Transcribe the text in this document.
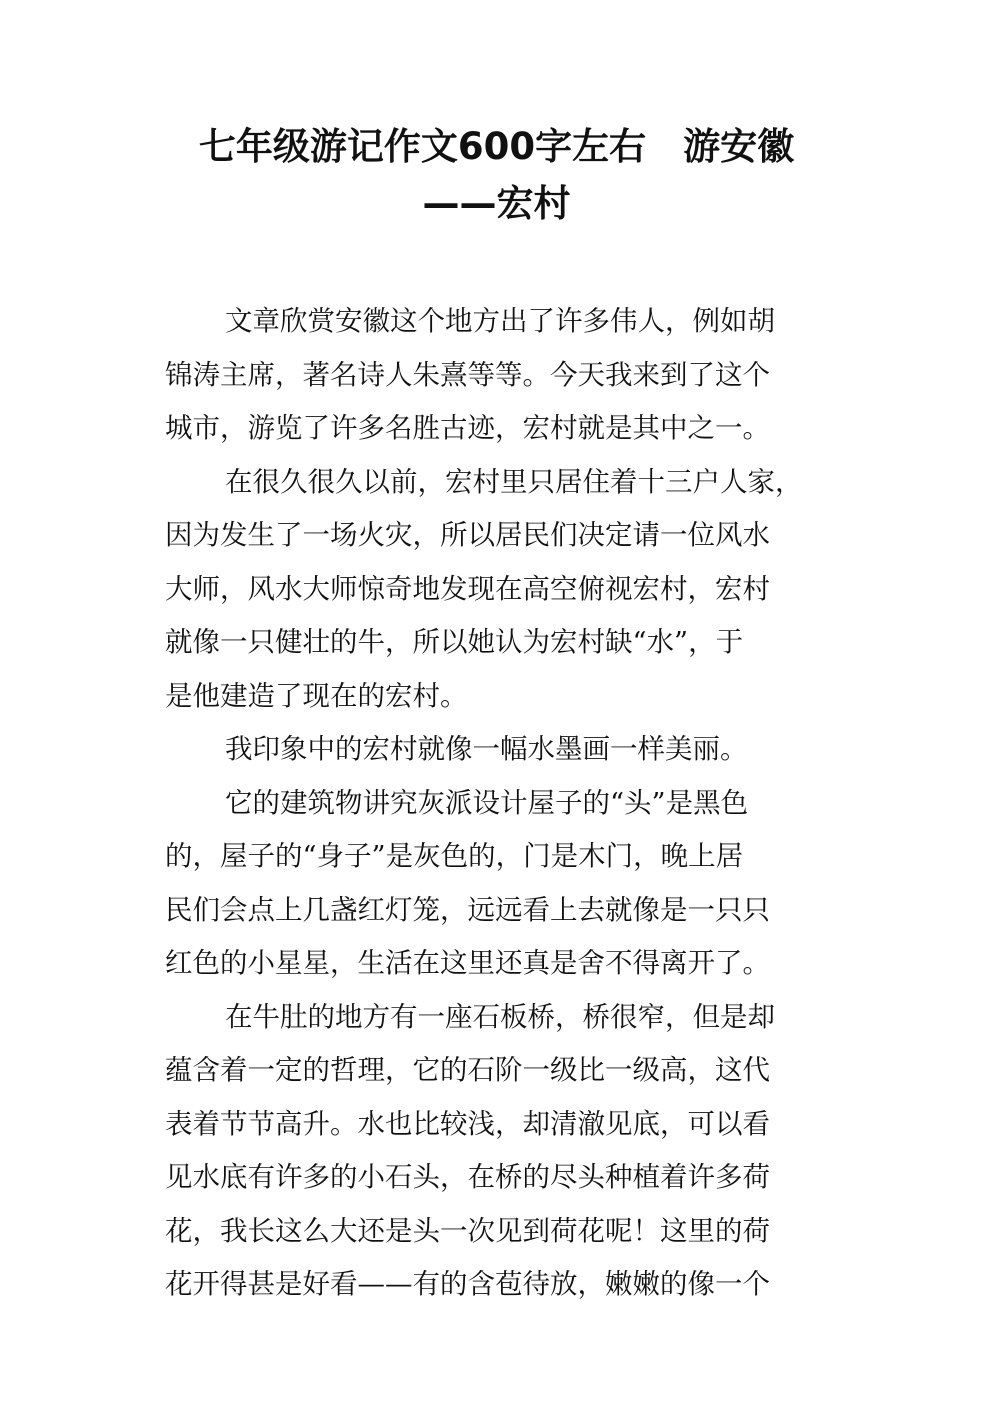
七年级游记作文600字左右　游安徽
——宏村
文章欣赏安徽这个地方出了许多伟人，例如胡
锦涛主席，著名诗人朱熹等等。今天我来到了这个
城市，游览了许多名胜古迹，宏村就是其中之一。
在很久很久以前，宏村里只居住着十三户人家，
因为发生了一场火灾，所以居民们决定请一位风水
大师，风水大师惊奇地发现在高空俯视宏村，宏村
就像一只健壮的牛，所以她认为宏村缺“水”，于
是他建造了现在的宏村。
我印象中的宏村就像一幅水墨画一样美丽。
它的建筑物讲究灰派设计屋子的“头”是黑色
的，屋子的“身子”是灰色的，门是木门，晚上居
民们会点上几盏红灯笼，远远看上去就像是一只只
红色的小星星，生活在这里还真是舍不得离开了。
在牛肚的地方有一座石板桥，桥很窄，但是却
蕴含着一定的哲理，它的石阶一级比一级高，这代
表着节节高升。水也比较浅，却清澈见底，可以看
见水底有许多的小石头，在桥的尽头种植着许多荷
花，我长这么大还是头一次见到荷花呢！这里的荷
花开得甚是好看——有的含苞待放，嫩嫩的像一个
